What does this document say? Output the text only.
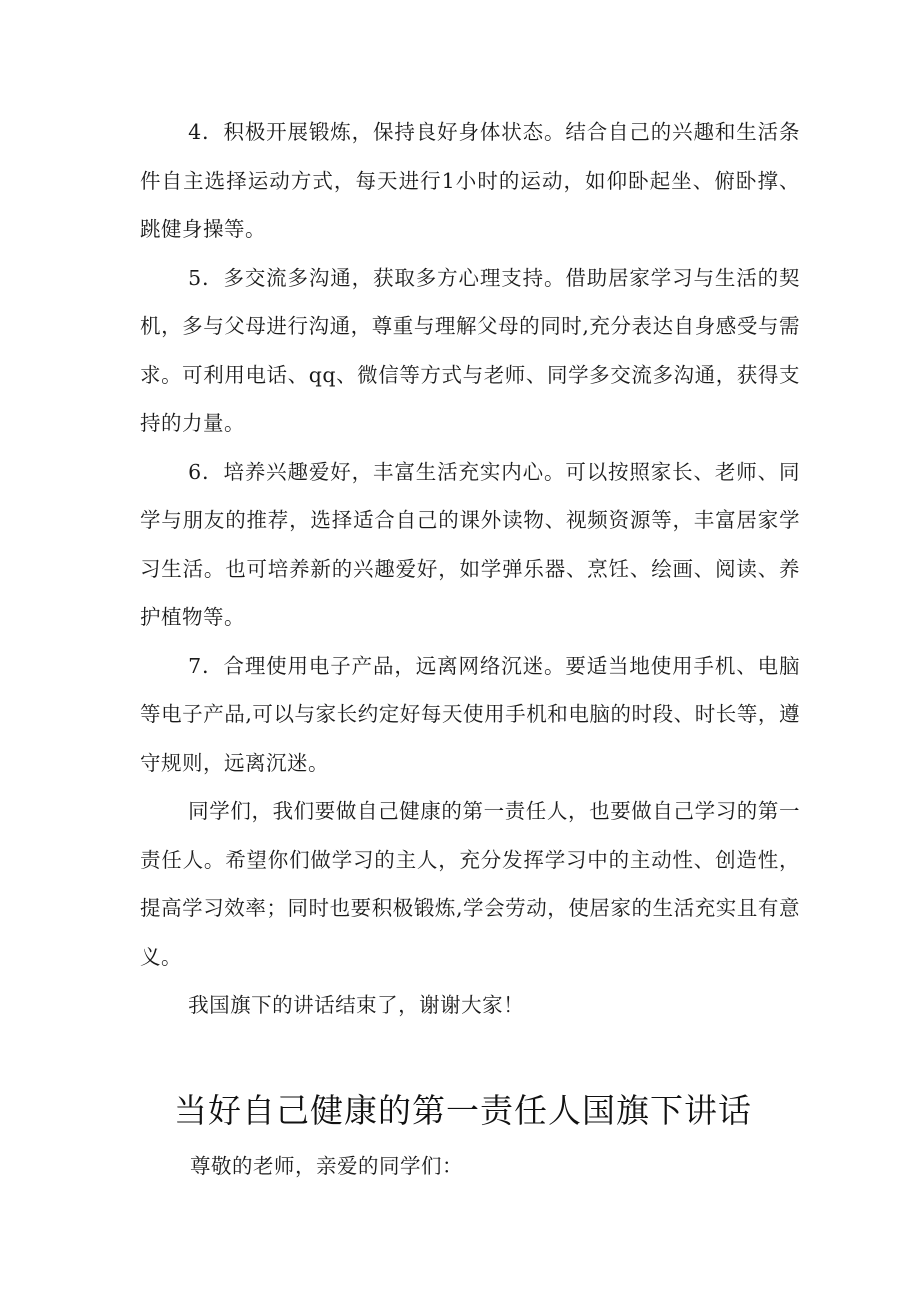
4．积极开展锻炼，保持良好身体状态。结合自己的兴趣和生活条件自主选择运动方式，每天进行1小时的运动，如仰卧起坐、俯卧撑、跳健身操等。

5．多交流多沟通，获取多方心理支持。借助居家学习与生活的契机，多与父母进行沟通，尊重与理解父母的同时,充分表达自身感受与需求。可利用电话、qq、微信等方式与老师、同学多交流多沟通，获得支持的力量。

6．培养兴趣爱好，丰富生活充实内心。可以按照家长、老师、同学与朋友的推荐，选择适合自己的课外读物、视频资源等，丰富居家学习生活。也可培养新的兴趣爱好，如学弹乐器、烹饪、绘画、阅读、养护植物等。

7．合理使用电子产品，远离网络沉迷。要适当地使用手机、电脑等电子产品,可以与家长约定好每天使用手机和电脑的时段、时长等，遵守规则，远离沉迷。

同学们，我们要做自己健康的第一责任人，也要做自己学习的第一责任人。希望你们做学习的主人，充分发挥学习中的主动性、创造性，提高学习效率；同时也要积极锻炼,学会劳动，使居家的生活充实且有意义。

我国旗下的讲话结束了，谢谢大家！

当好自己健康的第一责任人国旗下讲话

尊敬的老师，亲爱的同学们：
